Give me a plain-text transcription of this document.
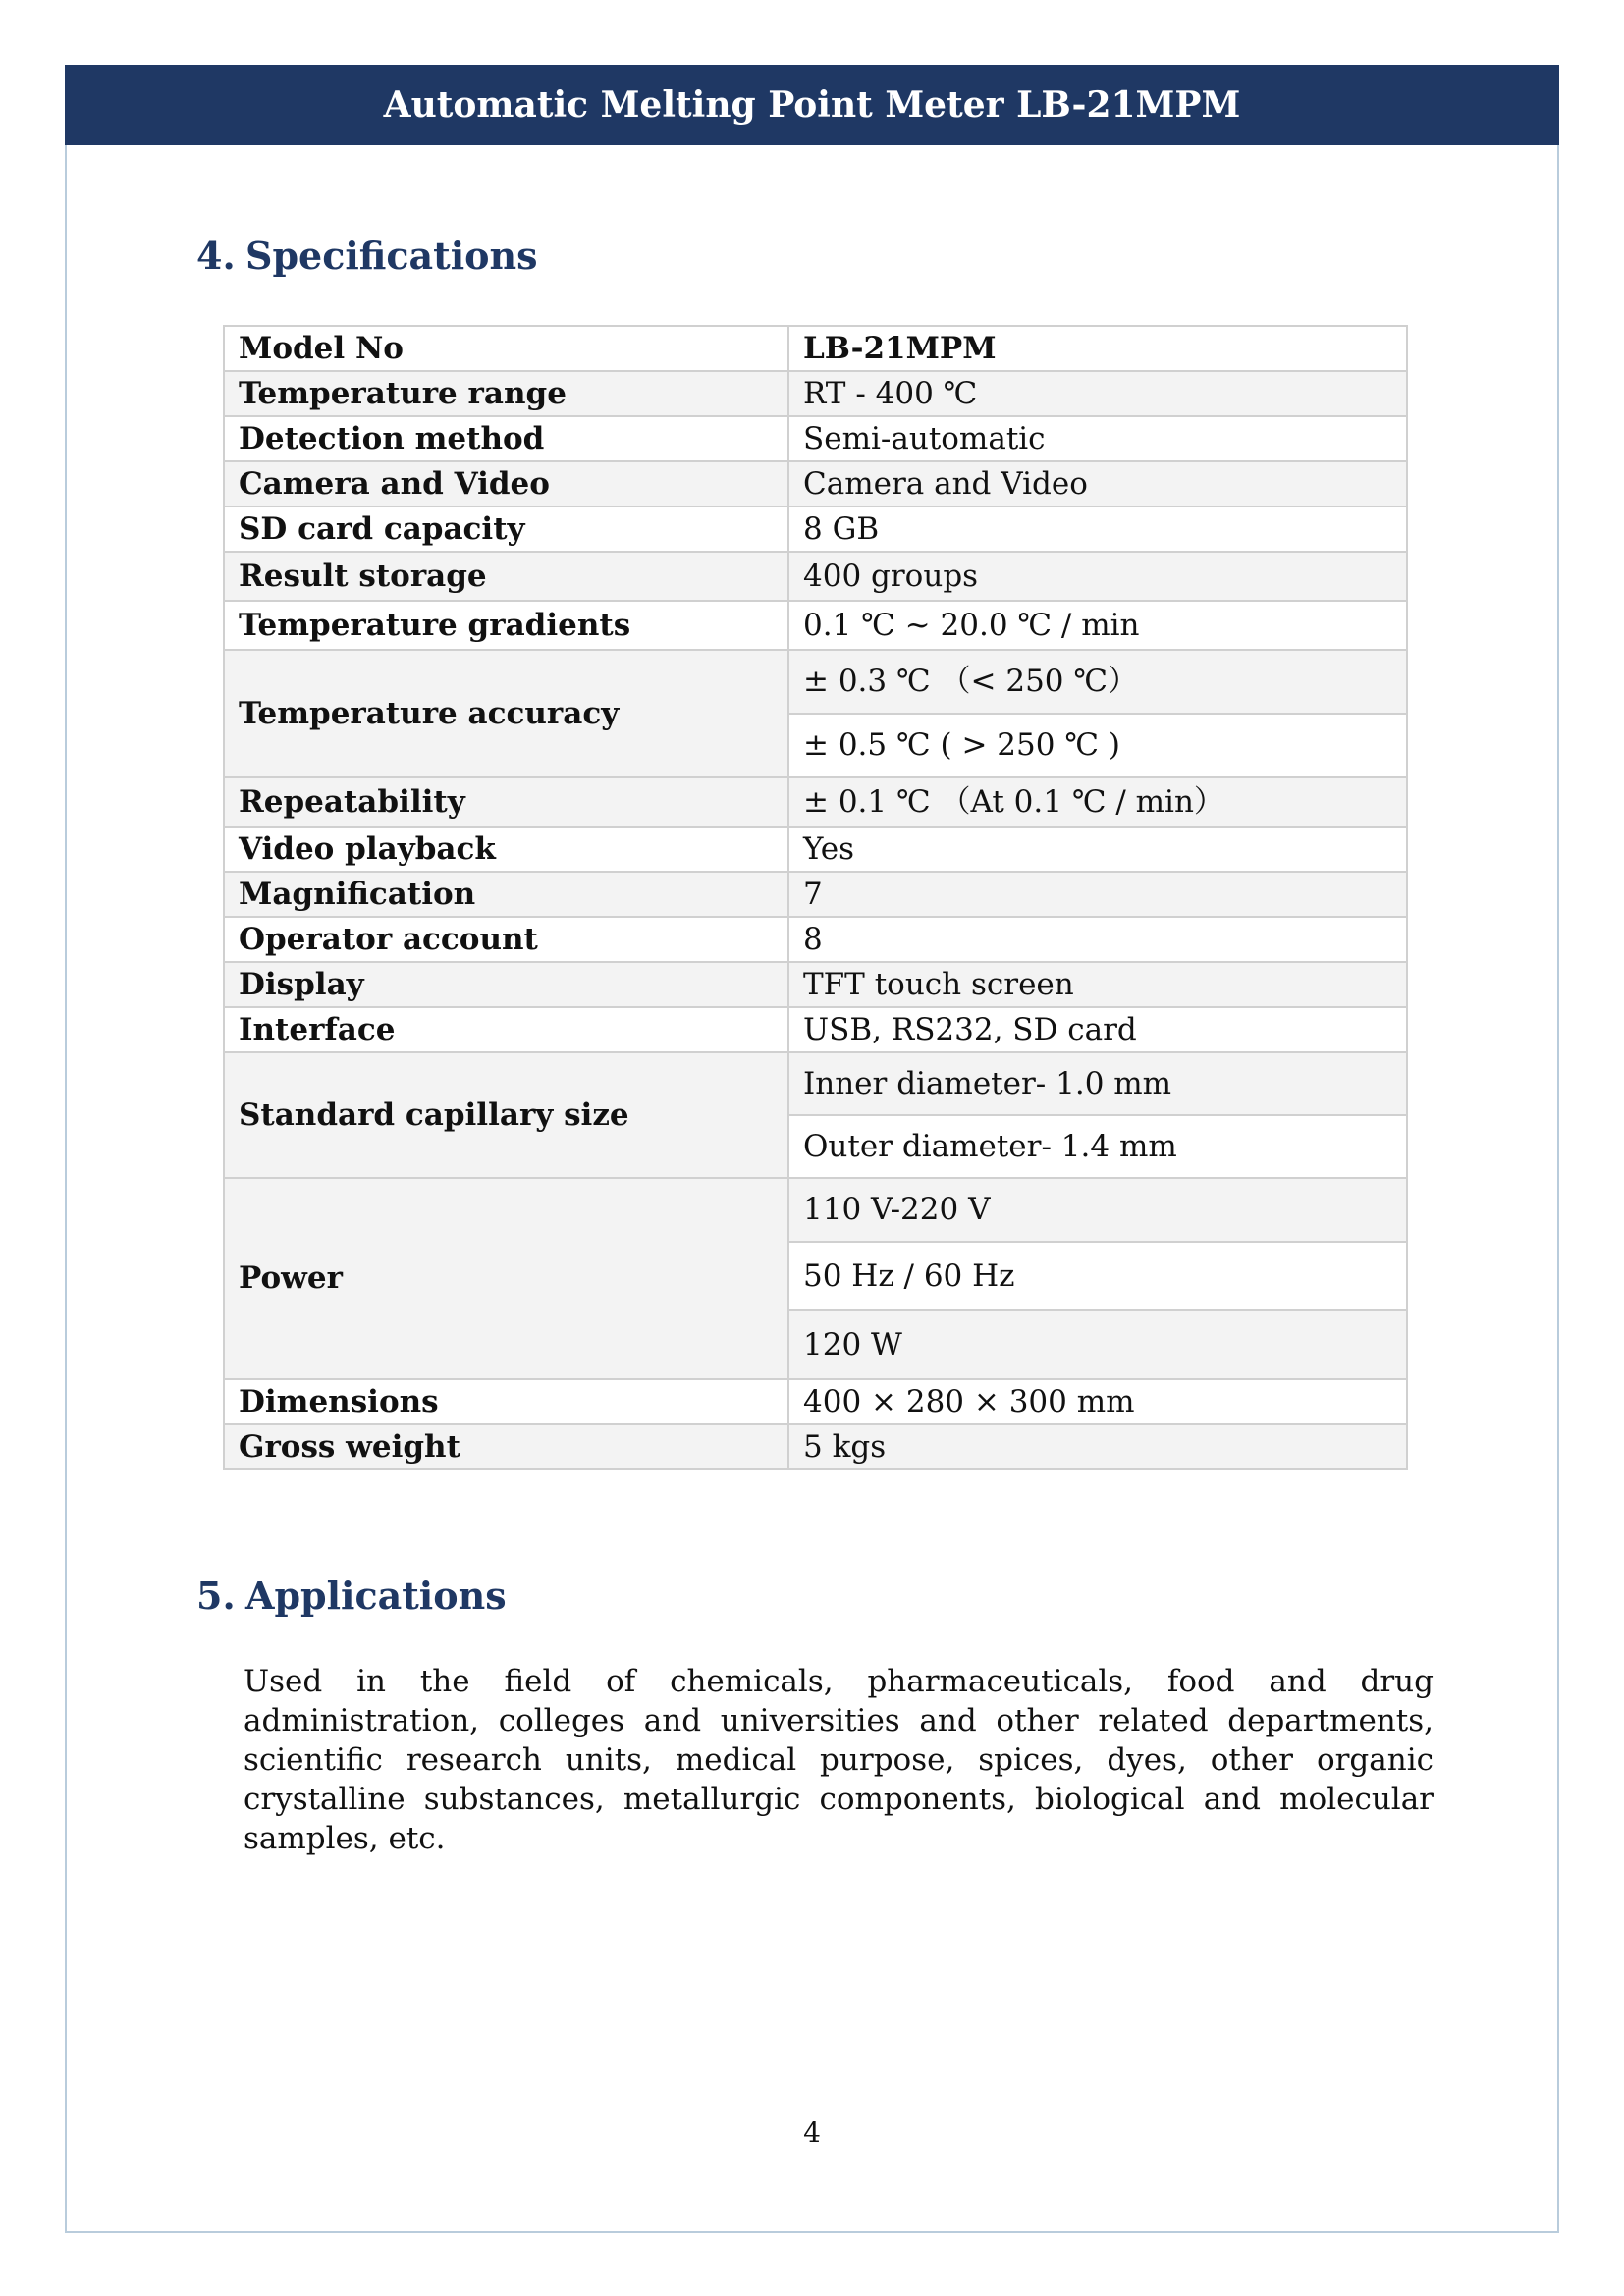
Automatic Melting Point Meter LB-21MPM
4. Specifications
Model No	LB-21MPM
Temperature range	RT - 400 ℃
Detection method	Semi-automatic
Camera and Video	Camera and Video
SD card capacity	8 GB
Result storage	400 groups
Temperature gradients	0.1 ℃ ~ 20.0 ℃ / min
Temperature accuracy	± 0.3 ℃ （< 250 ℃）
	± 0.5 ℃ ( > 250 ℃ )
Repeatability	± 0.1 ℃ （At 0.1 ℃ / min）
Video playback	Yes
Magnification	7
Operator account	8
Display	TFT touch screen
Interface	USB, RS232, SD card
Standard capillary size	Inner diameter- 1.0 mm
	Outer diameter- 1.4 mm
Power	110 V-220 V
	50 Hz / 60 Hz
	120 W
Dimensions	400 × 280 × 300 mm
Gross weight	5 kgs
5. Applications
Used in the field of chemicals, pharmaceuticals, food and drug administration, colleges and universities and other related departments, scientific research units, medical purpose, spices, dyes, other organic crystalline substances, metallurgic components, biological and molecular samples, etc.
4
